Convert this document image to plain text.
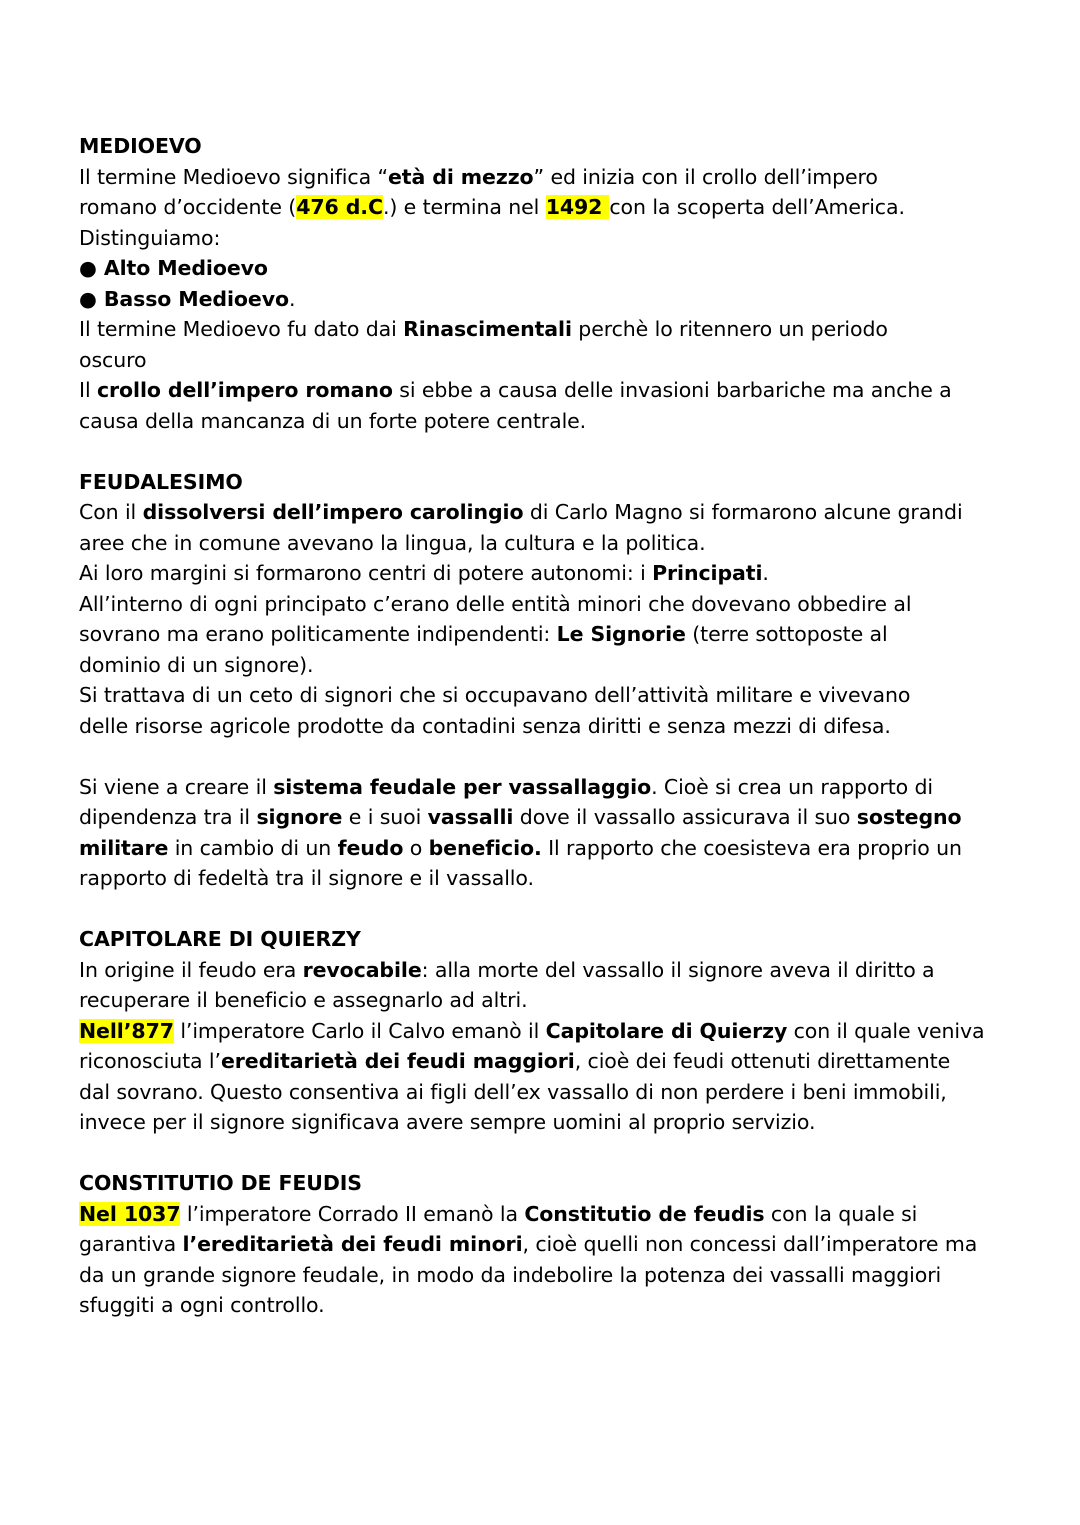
MEDIOEVO
Il termine Medioevo significa “età di mezzo” ed inizia con il crollo dell’impero
romano d’occidente (476 d.C.) e termina nel 1492 con la scoperta dell’America.
Distinguiamo:
● Alto Medioevo
● Basso Medioevo.
Il termine Medioevo fu dato dai Rinascimentali perchè lo ritennero un periodo
oscuro
Il crollo dell’impero romano si ebbe a causa delle invasioni barbariche ma anche a
causa della mancanza di un forte potere centrale.
FEUDALESIMO
Con il dissolversi dell’impero carolingio di Carlo Magno si formarono alcune grandi
aree che in comune avevano la lingua, la cultura e la politica.
Ai loro margini si formarono centri di potere autonomi: i Principati.
All’interno di ogni principato c’erano delle entità minori che dovevano obbedire al
sovrano ma erano politicamente indipendenti: Le Signorie (terre sottoposte al
dominio di un signore).
Si trattava di un ceto di signori che si occupavano dell’attività militare e vivevano
delle risorse agricole prodotte da contadini senza diritti e senza mezzi di difesa.
Si viene a creare il sistema feudale per vassallaggio. Cioè si crea un rapporto di
dipendenza tra il signore e i suoi vassalli dove il vassallo assicurava il suo sostegno
militare in cambio di un feudo o beneficio. Il rapporto che coesisteva era proprio un
rapporto di fedeltà tra il signore e il vassallo.
CAPITOLARE DI QUIERZY
In origine il feudo era revocabile: alla morte del vassallo il signore aveva il diritto a
recuperare il beneficio e assegnarlo ad altri.
Nell’877 l’imperatore Carlo il Calvo emanò il Capitolare di Quierzy con il quale veniva
riconosciuta l’ereditarietà dei feudi maggiori, cioè dei feudi ottenuti direttamente
dal sovrano. Questo consentiva ai figli dell’ex vassallo di non perdere i beni immobili,
invece per il signore significava avere sempre uomini al proprio servizio.
CONSTITUTIO DE FEUDIS
Nel 1037 l’imperatore Corrado II emanò la Constitutio de feudis con la quale si
garantiva l’ereditarietà dei feudi minori, cioè quelli non concessi dall’imperatore ma
da un grande signore feudale, in modo da indebolire la potenza dei vassalli maggiori
sfuggiti a ogni controllo.
